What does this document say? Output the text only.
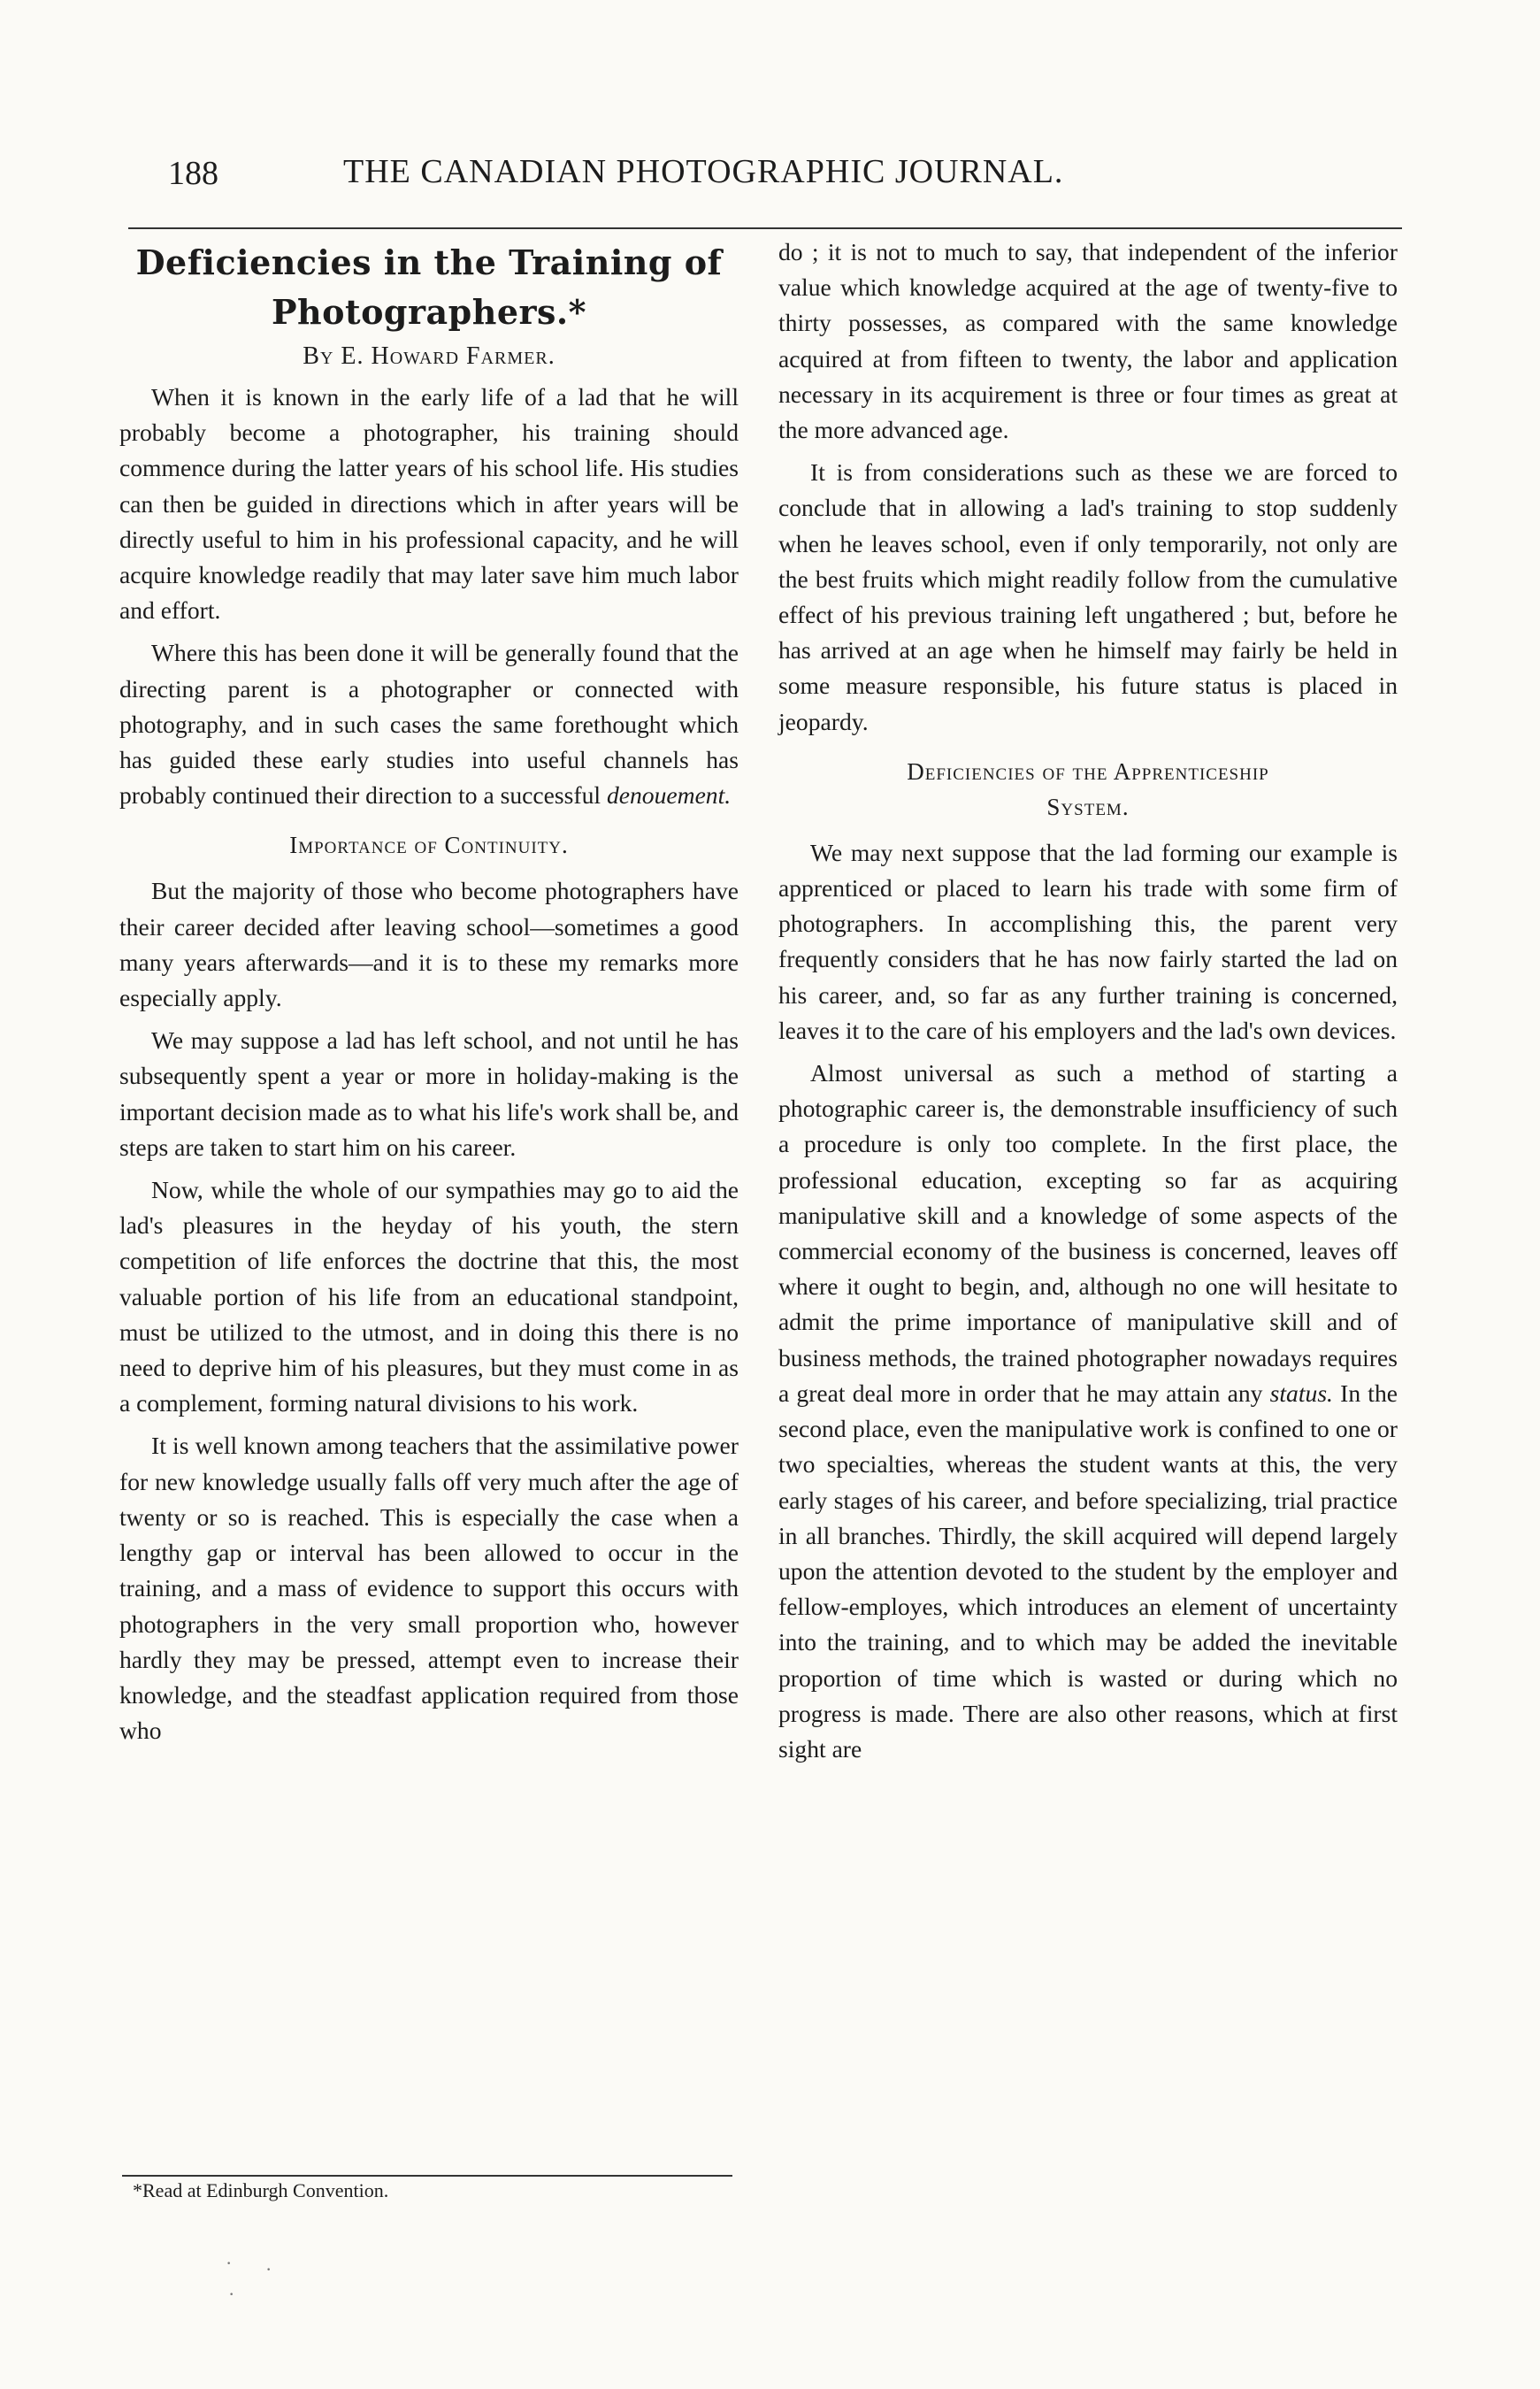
188	THE CANADIAN PHOTOGRAPHIC JOURNAL.
Deficiencies in the Training of
Photographers.*
By E. Howard Farmer.

When it is known in the early life of a lad that he will probably become a photographer, his training should commence during the latter years of his school life. His studies can then be guided in directions which in after years will be directly useful to him in his professional capacity, and he will acquire knowledge readily that may later save him much labor and effort.

Where this has been done it will be generally found that the directing parent is a photographer or connected with photography, and in such cases the same forethought which has guided these early studies into useful channels has probably continued their direction to a successful denouement.

Importance of Continuity.

But the majority of those who become photographers have their career decided after leaving school—sometimes a good many years afterwards—and it is to these my remarks more especially apply.

We may suppose a lad has left school, and not until he has subsequently spent a year or more in holiday-making is the important decision made as to what his life's work shall be, and steps are taken to start him on his career.

Now, while the whole of our sympathies may go to aid the lad's pleasures in the heyday of his youth, the stern competition of life enforces the doctrine that this, the most valuable portion of his life from an educational standpoint, must be utilized to the utmost, and in doing this there is no need to deprive him of his pleasures, but they must come in as a complement, forming natural divisions to his work.

It is well known among teachers that the assimilative power for new knowledge usually falls off very much after the age of twenty or so is reached. This is especially the case when a lengthy gap or interval has been allowed to occur in the training, and a mass of evidence to support this occurs with photographers in the very small proportion who, however hardly they may be pressed, attempt even to increase their knowledge, and the steadfast application required from those who

*Read at Edinburgh Convention.

do ; it is not to much to say, that independent of the inferior value which knowledge acquired at the age of twenty-five to thirty possesses, as compared with the same knowledge acquired at from fifteen to twenty, the labor and application necessary in its acquirement is three or four times as great at the more advanced age.

It is from considerations such as these we are forced to conclude that in allowing a lad's training to stop suddenly when he leaves school, even if only temporarily, not only are the best fruits which might readily follow from the cumulative effect of his previous training left ungathered ; but, before he has arrived at an age when he himself may fairly be held in some measure responsible, his future status is placed in jeopardy.

Deficiencies of the Apprenticeship
System.

We may next suppose that the lad forming our example is apprenticed or placed to learn his trade with some firm of photographers. In accomplishing this, the parent very frequently considers that he has now fairly started the lad on his career, and, so far as any further training is concerned, leaves it to the care of his employers and the lad's own devices.

Almost universal as such a method of starting a photographic career is, the demonstrable insufficiency of such a procedure is only too complete. In the first place, the professional education, excepting so far as acquiring manipulative skill and a knowledge of some aspects of the commercial economy of the business is concerned, leaves off where it ought to begin, and, although no one will hesitate to admit the prime importance of manipulative skill and of business methods, the trained photographer nowadays requires a great deal more in order that he may attain any status. In the second place, even the manipulative work is confined to one or two specialties, whereas the student wants at this, the very early stages of his career, and before specializing, trial practice in all branches. Thirdly, the skill acquired will depend largely upon the attention devoted to the student by the employer and fellow-employes, which introduces an element of uncertainty into the training, and to which may be added the inevitable proportion of time which is wasted or during which no progress is made. There are also other reasons, which at first sight are

·
·
·
